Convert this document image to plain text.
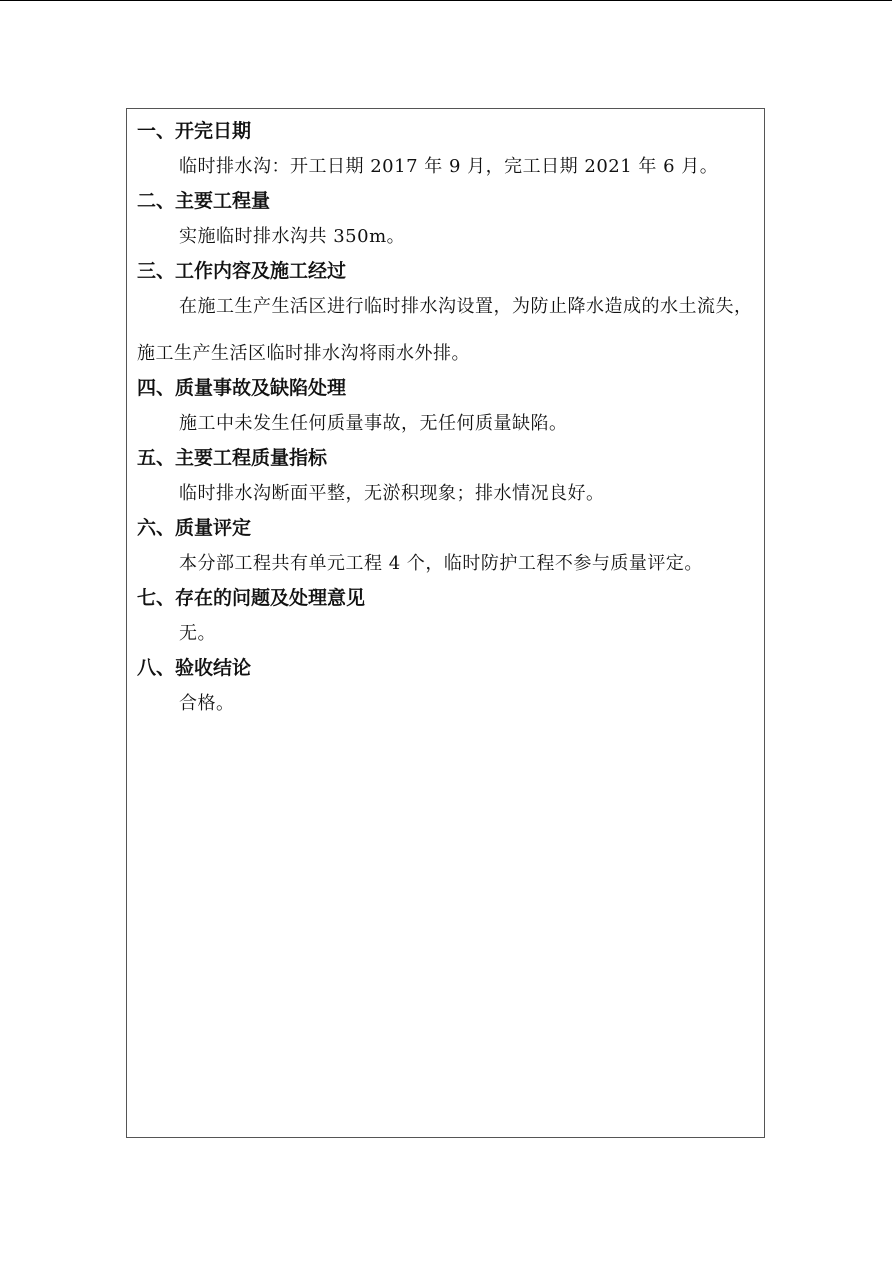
一、开完日期

临时排水沟：开工日期 2017 年 9 月，完工日期 2021 年 6 月。

二、主要工程量

实施临时排水沟共 350m。

三、工作内容及施工经过

在施工生产生活区进行临时排水沟设置，为防止降水造成的水土流失，施工生产生活区临时排水沟将雨水外排。

四、质量事故及缺陷处理

施工中未发生任何质量事故，无任何质量缺陷。

五、主要工程质量指标

临时排水沟断面平整，无淤积现象；排水情况良好。

六、质量评定

本分部工程共有单元工程 4 个，临时防护工程不参与质量评定。

七、存在的问题及处理意见

无。

八、验收结论

合格。
